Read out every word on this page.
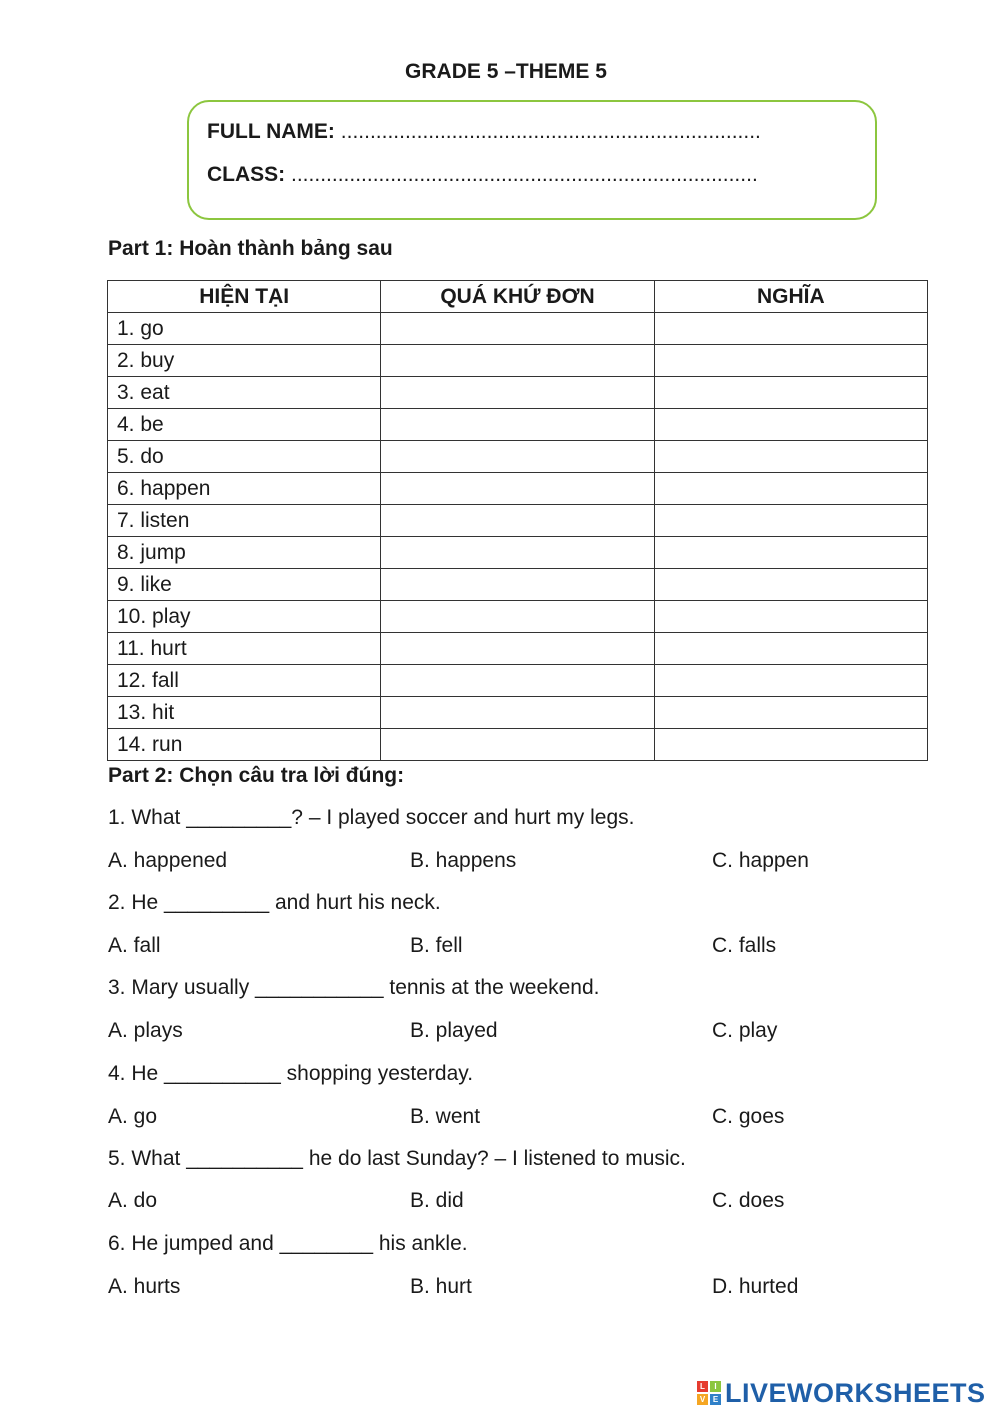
GRADE 5 –THEME 5
FULL NAME: ........................................................................
CLASS: ................................................................................
Part 1: Hoàn thành bảng sau
HIỆN TẠI	QUÁ KHỨ ĐƠN	NGHĨA
1. go		
2. buy		
3. eat		
4. be		
5. do		
6. happen		
7. listen		
8. jump		
9. like		
10. play		
11. hurt		
12. fall		
13. hit		
14. run		
Part 2: Chọn câu tra lời đúng:
1. What _________? – I played soccer and hurt my legs.
A. happened	B. happens	C. happen
2. He _________ and hurt his neck.
A. fall	B. fell	C. falls
3. Mary usually ___________ tennis at the weekend.
A. plays	B. played	C. play
4. He __________ shopping yesterday.
A. go	B. went	C. goes
5. What __________ he do last Sunday? – I listened to music.
A. do	B. did	C. does
6. He jumped and ________ his ankle.
A. hurts	B. hurt	D. hurted
L	I
V E LIVEWORKSHEETS
